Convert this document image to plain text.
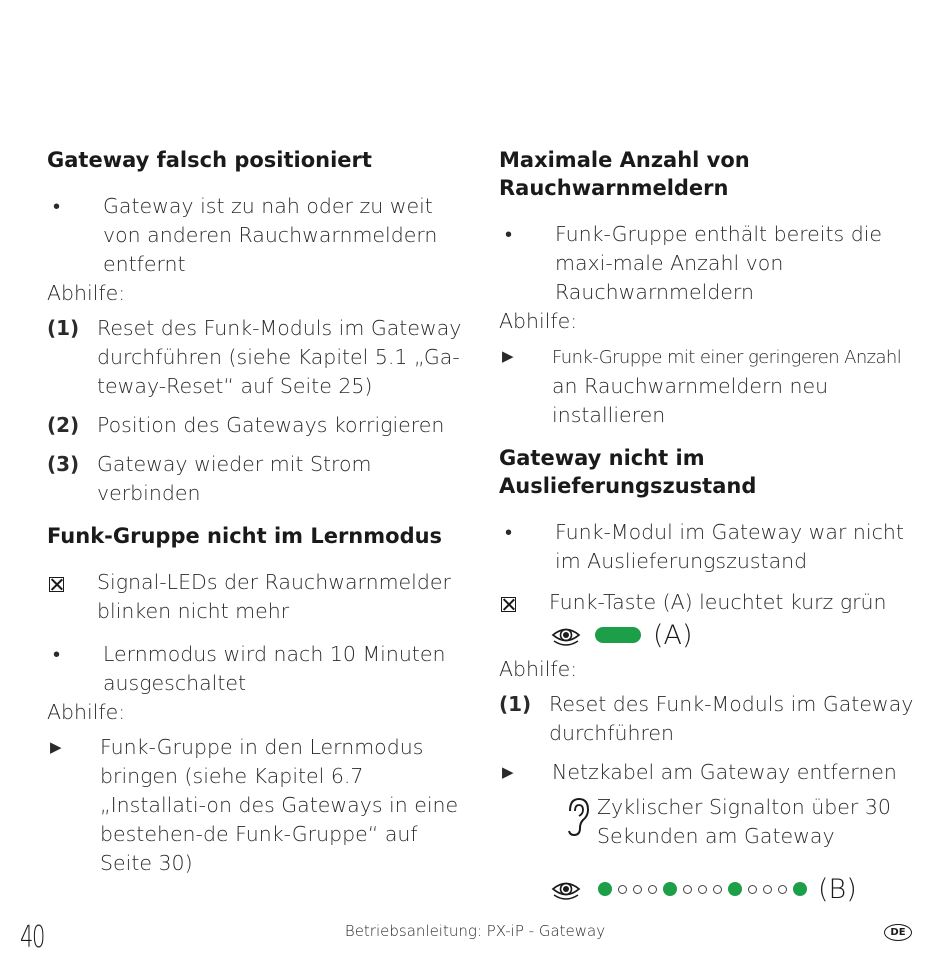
Gateway falsch positioniert
•	Gateway ist zu nah oder zu weit von anderen Rauchwarnmeldern entfernt
Abhilfe:
(1) Reset des Funk-Moduls im Gateway durchführen (siehe Kapitel 5.1 „Ga-teway-Reset“ auf Seite 25)
(2) Position des Gateways korrigieren
(3) Gateway wieder mit Strom verbinden
Funk-Gruppe nicht im Lernmodus
Signal-LEDs der Rauchwarnmelder blinken nicht mehr
•	Lernmodus wird nach 10 Minuten ausgeschaltet
Abhilfe:
▶	Funk-Gruppe in den Lernmodus bringen (siehe Kapitel 6.7 „Installati-on des Gateways in eine bestehen-de Funk-Gruppe“ auf Seite 30)
Maximale Anzahl von Rauchwarnmeldern
•	Funk-Gruppe enthält bereits die maxi-male Anzahl von Rauchwarnmeldern
Abhilfe:
▶	Funk-Gruppe mit einer geringeren Anzahl
an Rauchwarnmeldern neu installieren
Gateway nicht im Auslieferungszustand
•	Funk-Modul im Gateway war nicht im Auslieferungszustand
Funk-Taste (A) leuchtet kurz grün
(A)
Abhilfe:
(1) Reset des Funk-Moduls im Gateway durchführen
▶	Netzkabel am Gateway entfernen
Zyklischer Signalton über 30 Sekunden am Gateway
(B)
40	Betriebsanleitung: PX-iP - Gateway	DE
